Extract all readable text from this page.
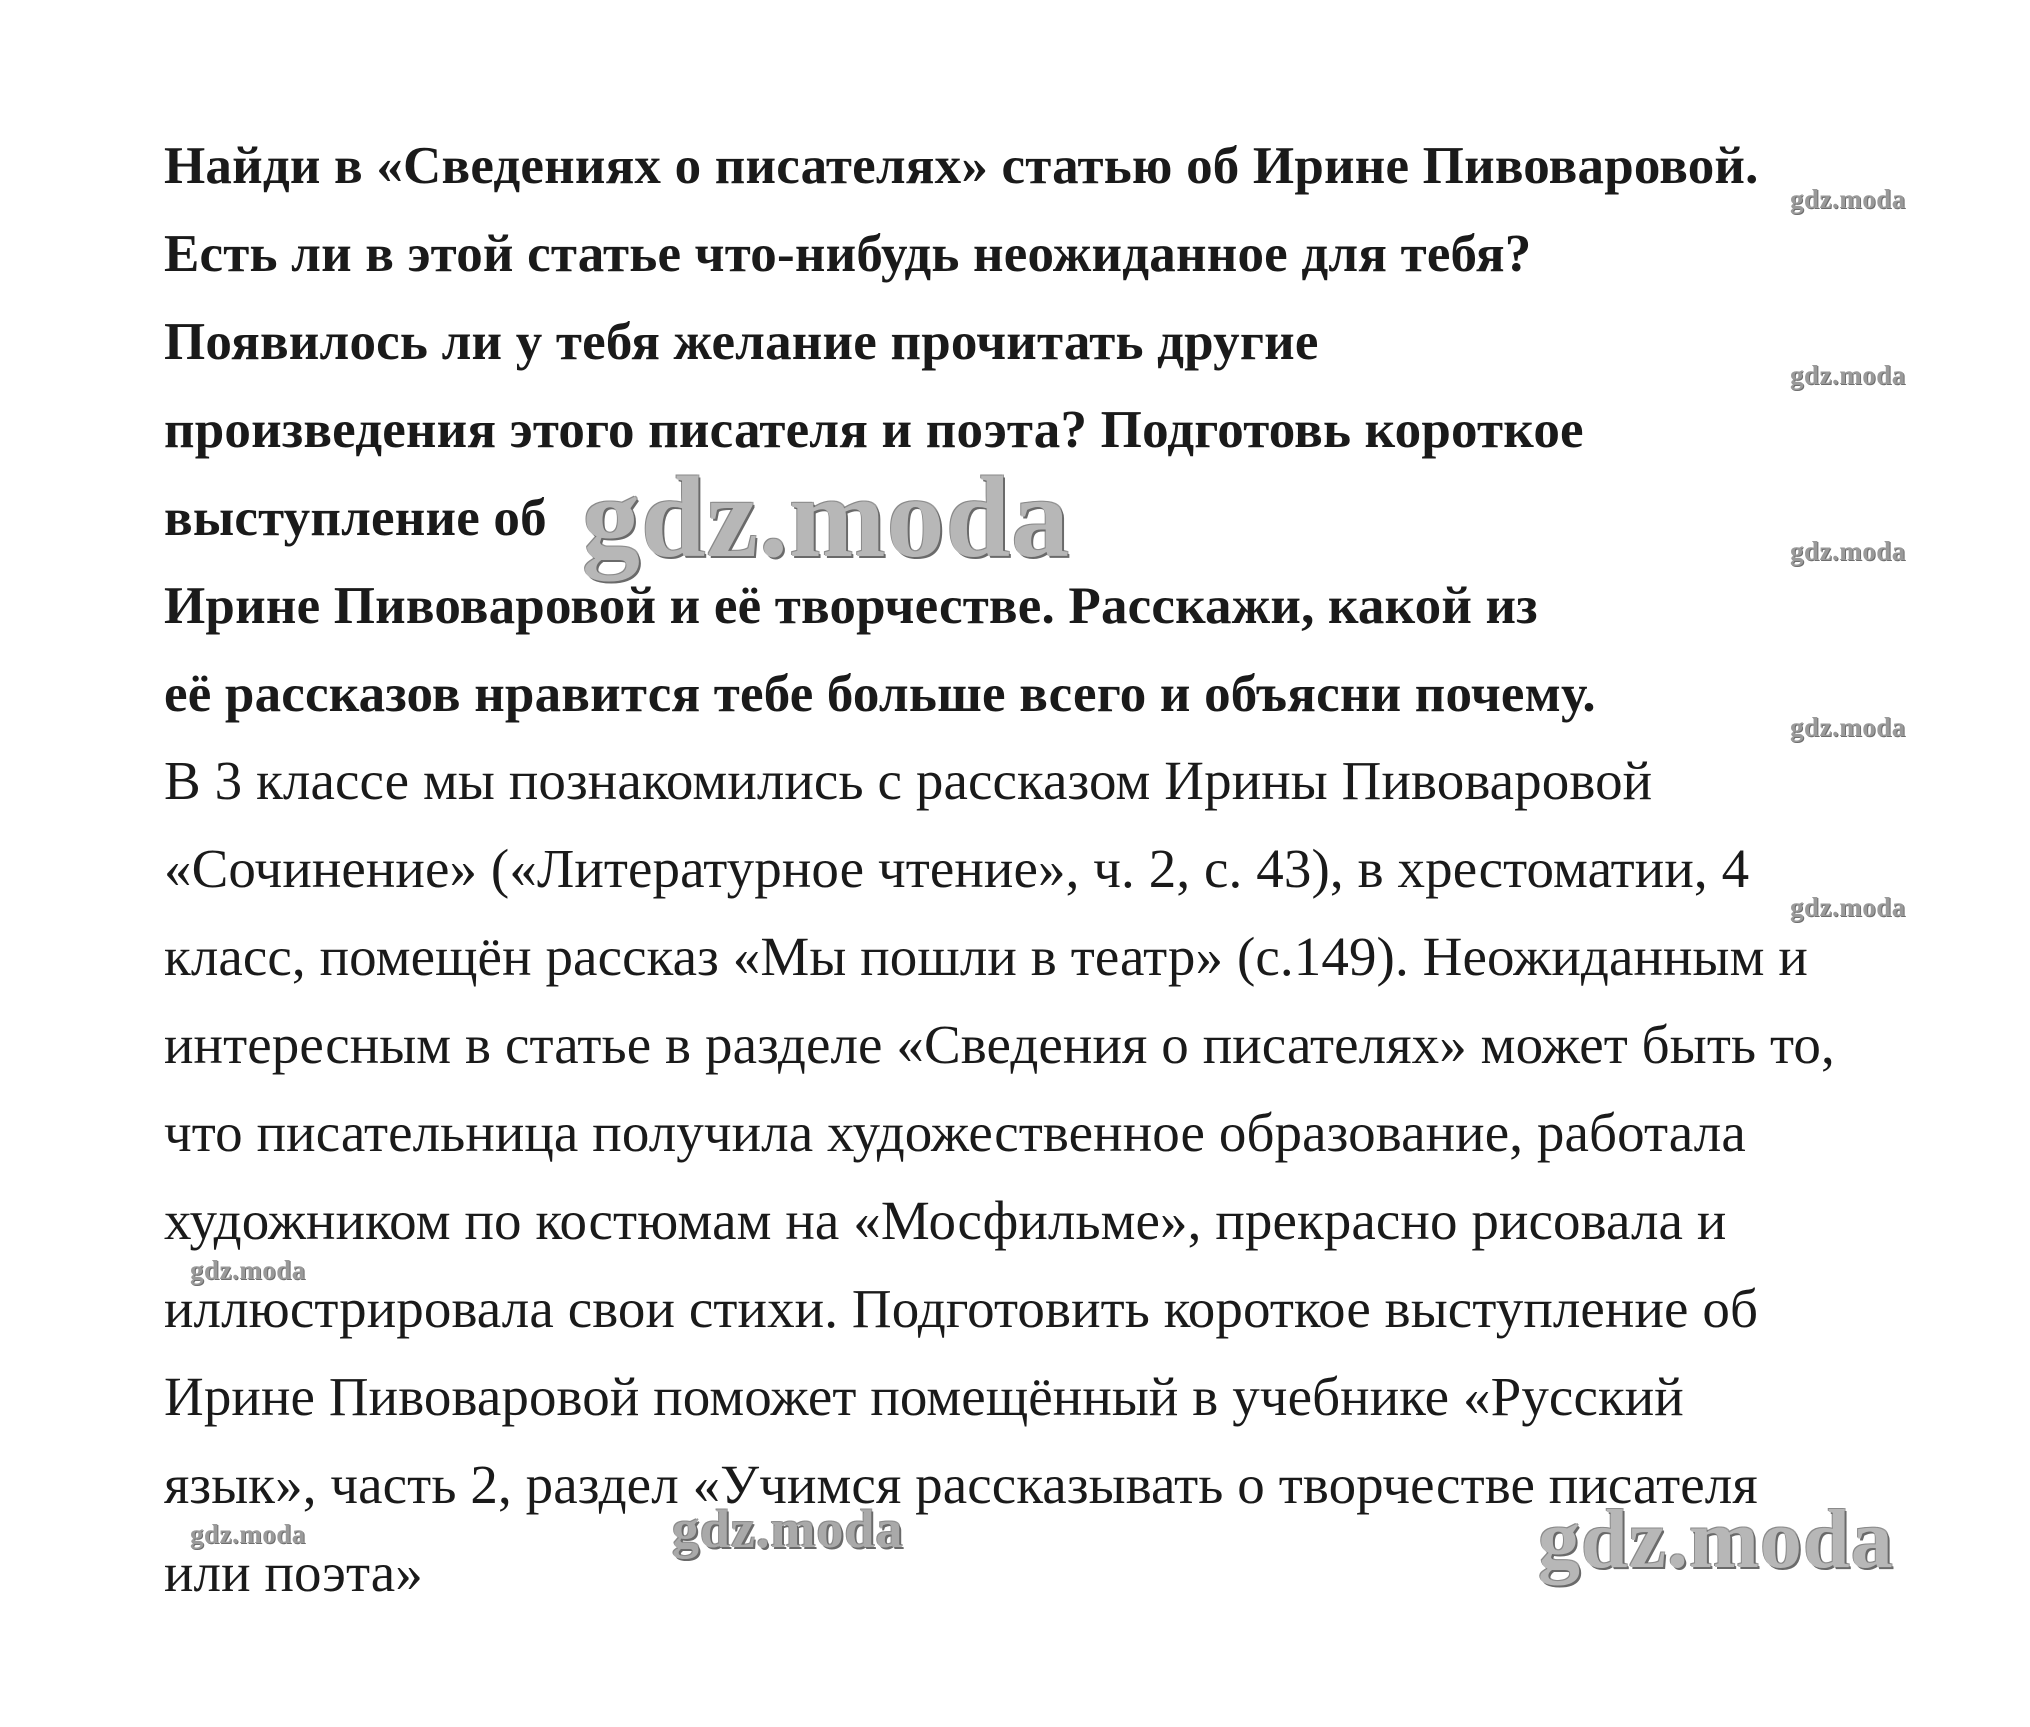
Найди в «Сведениях о писателях» статью об Ирине Пивоваровой.
Есть ли в этой статье что-нибудь неожиданное для тебя?
Появилось ли у тебя желание прочитать другие
произведения этого писателя и поэта? Подготовь короткое
выступление об
Ирине Пивоваровой и её творчестве. Расскажи, какой из
её рассказов нравится тебе больше всего и объясни почему.
В 3 классе мы познакомились с рассказом Ирины Пивоваровой
«Сочинение» («Литературное чтение», ч. 2, с. 43), в хрестоматии, 4
класс, помещён рассказ «Мы пошли в театр» (с.149). Неожиданным и
интересным в статье в разделе «Сведения о писателях» может быть то,
что писательница получила художественное образование, работала
художником по костюмам на «Мосфильме», прекрасно рисовала и
иллюстрировала свои стихи. Подготовить короткое выступление об
Ирине Пивоваровой поможет помещённый в учебнике «Русский
язык», часть 2, раздел «Учимся рассказывать о творчестве писателя
или поэта»
gdz.moda
gdz.moda
gdz.moda
gdz.moda
gdz.moda
gdz.moda
gdz.moda
gdz.moda
gdz.moda	gdz.moda
